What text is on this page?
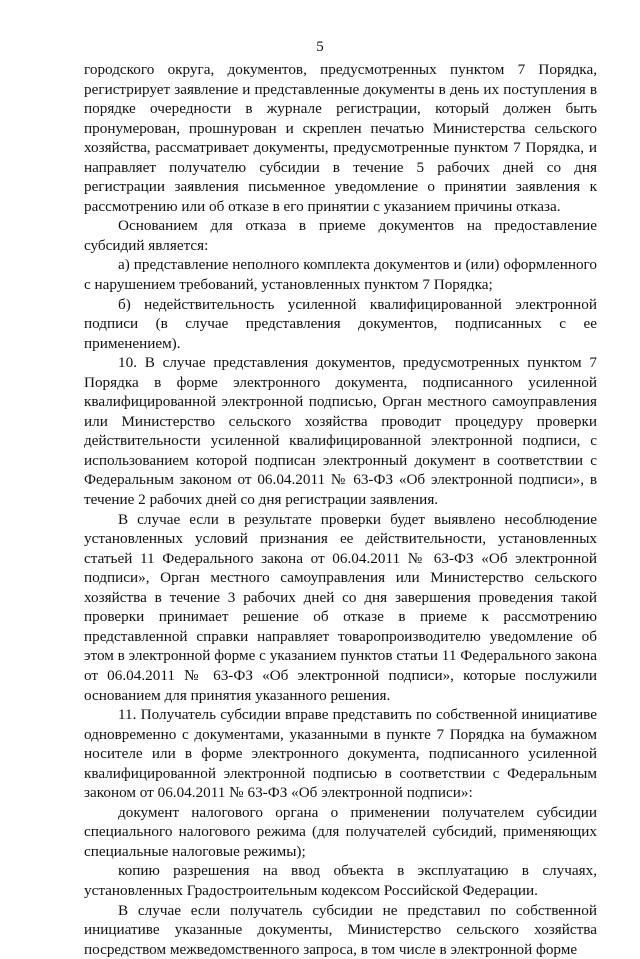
5

городского округа, документов, предусмотренных пунктом 7 Порядка, регистрирует заявление и представленные документы в день их поступления в порядке очередности в журнале регистрации, который должен быть пронумерован, прошнурован и скреплен печатью Министерства сельского хозяйства, рассматривает документы, предусмотренные пунктом 7 Порядка, и направляет получателю субсидии в течение 5 рабочих дней со дня регистрации заявления письменное уведомление о принятии заявления к рассмотрению или об отказе в его принятии с указанием причины отказа.

Основанием для отказа в приеме документов на предоставление субсидий является:

а) представление неполного комплекта документов и (или) оформленного с нарушением требований, установленных пунктом 7 Порядка;

б) недействительность усиленной квалифицированной электронной подписи (в случае представления документов, подписанных с ее применением).

10. В случае представления документов, предусмотренных пунктом 7 Порядка в форме электронного документа, подписанного усиленной квалифицированной электронной подписью, Орган местного самоуправления или Министерство сельского хозяйства проводит процедуру проверки действительности усиленной квалифицированной электронной подписи, с использованием которой подписан электронный документ в соответствии с Федеральным законом от 06.04.2011 № 63-ФЗ «Об электронной подписи», в течение 2 рабочих дней со дня регистрации заявления.

В случае если в результате проверки будет выявлено несоблюдение установленных условий признания ее действительности, установленных статьей 11 Федерального закона от 06.04.2011 № 63-ФЗ «Об электронной подписи», Орган местного самоуправления или Министерство сельского хозяйства в течение 3 рабочих дней со дня завершения проведения такой проверки принимает решение об отказе в приеме к рассмотрению представленной справки направляет товаропроизводителю уведомление об этом в электронной форме с указанием пунктов статьи 11 Федерального закона от 06.04.2011 № 63-ФЗ «Об электронной подписи», которые послужили основанием для принятия указанного решения.

11. Получатель субсидии вправе представить по собственной инициативе одновременно с документами, указанными в пункте 7 Порядка на бумажном носителе или в форме электронного документа, подписанного усиленной квалифицированной электронной подписью в соответствии с Федеральным законом от 06.04.2011 № 63-ФЗ «Об электронной подписи»:

документ налогового органа о применении получателем субсидии специального налогового режима (для получателей субсидий, применяющих специальные налоговые режимы);

копию разрешения на ввод объекта в эксплуатацию в случаях, установленных Градостроительным кодексом Российской Федерации.

В случае если получатель субсидии не представил по собственной инициативе указанные документы, Министерство сельского хозяйства посредством межведомственного запроса, в том числе в электронной форме
